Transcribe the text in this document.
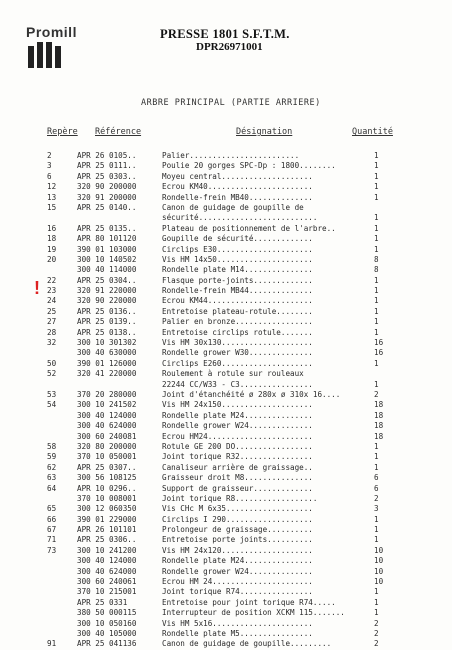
Promill	PRESSE 1801 S.F.T.M.
DPR26971001
ARBRE PRINCIPAL (PARTIE ARRIERE)
Repère Référence	Désignation	Quantité
!
2	APR 26 0105..	Palier........................	1
3	APR 25 0111..	Poulie 20 gorges SPC-Dp : 1800........	1
6	APR 25 0303..	Moyeu central....................	1
12	320 90 200000	Ecrou KM40.......................	1
13	320 91 200000	Rondelle-frein MB40..............	1
15	APR 25 0140..	Canon de guidage de goupille de
sécurité..........................	1
16	APR 25 0135..	Plateau de positionnement de l'arbre..	1
18	APR 80 101120	Goupille de sécurité.............	1
19	390 01 103000	Circlips E30.....................	1
20	300 10 140502	Vis HM 14x50.....................	8
300 40 114000	Rondelle plate M14...............	8
22	APR 25 0304..	Flasque porte-joints.............	1
23	320 91 220000	Rondelle-frein MB44..............	1
24	320 90 220000	Ecrou KM44.......................	1
25	APR 25 0136..	Entretoise plateau-rotule........	1
27	APR 25 0139..	Palier en bronze.................	1
28	APR 25 0138..	Entretoise circlips rotule.......	1
32	300 10 301302	Vis HM 30x130....................	16
300 40 630000	Rondelle grower W30..............	16
50	390 01 126000	Circlips E260....................	1
52	320 41 220000	Roulement à rotule sur rouleaux
22244 CC/W33 - C3................	1
53	370 20 280000	Joint d'étanchéité ø 280x ø 310x 16....	2
54	300 10 241502	Vis HM 24x150....................	18
300 40 124000	Rondelle plate M24...............	18
300 40 624000	Rondelle grower W24..............	18
300 60 240081	Ecrou HM24.......................	18
58	320 80 200000	Rotule GE 200 DO.................	1
59	370 10 050001	Joint torique R32................	1
62	APR 25 0307..	Canaliseur arrière de graissage..	1
63	300 56 108125	Graisseur droit M8...............	6
64	APR 10 0296..	Support de graisseur.............	6
370 10 008001	Joint torique R8..................	2
65	300 12 060350	Vis CHc M 6x35...................	3
66	390 01 229000	Circlips I 290...................	1
67	APR 26 101101	Prolongeur de graissage..........	1
71	APR 25 0306..	Entretoise porte joints..........	1
73	300 10 241200	Vis HM 24x120....................	10
300 40 124000	Rondelle plate M24...............	10
300 40 624000	Rondelle grower W24..............	10
300 60 240061	Ecrou HM 24......................	10
370 10 215001	Joint torique R74................	1
APR 25 0331	Entretoise pour joint torique R74.....	1
380 50 000115	Interrupteur de position XCKM 115.......	1
300 10 050160	Vis HM 5x16......................	2
300 40 105000	Rondelle plate M5................	2
91	APR 25 041136	Canon de guidage de goupille.........	2
